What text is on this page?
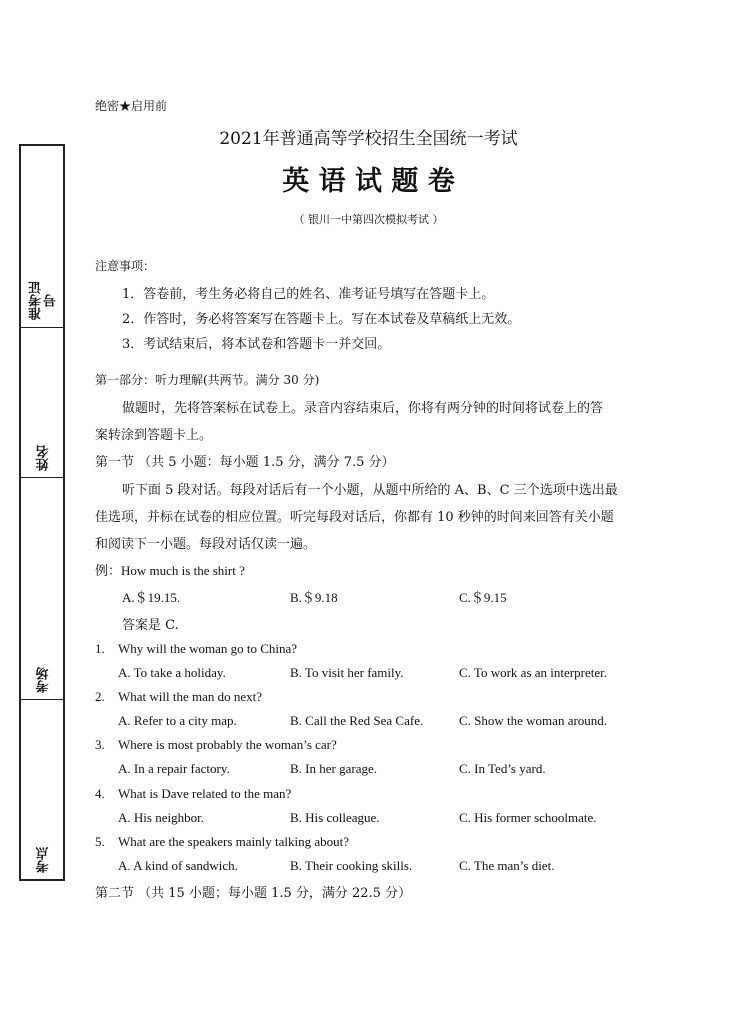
准考证号
姓名
考场
考点
绝密★启用前
2021年普通高等学校招生全国统一考试
英 语 试 题 卷
（ 银川一中第四次模拟考试 ）
注意事项：
1．答卷前，考生务必将自己的姓名、准考证号填写在答题卡上。
2．作答时，务必将答案写在答题卡上。写在本试卷及草稿纸上无效。
3．考试结束后，将本试卷和答题卡一并交回。
第一部分：听力理解(共两节。满分 30 分)
做题时，先将答案标在试卷上。录音内容结束后，你将有两分钟的时间将试卷上的答
案转涂到答题卡上。
第一节 （共 5 小题：每小题 1.5 分，满分 7.5 分）
听下面 5 段对话。每段对话后有一个小题，从题中所给的 A、B、C 三个选项中选出最
佳选项，并标在试卷的相应位置。听完每段对话后，你都有 10 秒钟的时间来回答有关小题
和阅读下一小题。每段对话仅读一遍。
例：How much is the shirt ?
A.＄19.15.	B.＄9.18	C.＄9.15
答案是 C.
1. Why will the woman go to China?
A. To take a holiday.	B. To visit her family.	C. To work as an interpreter.
2. What will the man do next?
A. Refer to a city map.	B. Call the Red Sea Cafe.	C. Show the woman around.
3. Where is most probably the woman’s car?
A. In a repair factory.	B. In her garage.	C. In Ted’s yard.
4. What is Dave related to the man?
A. His neighbor.	B. His colleague.	C. His former schoolmate.
5. What are the speakers mainly talking about?
A. A kind of sandwich.	B. Their cooking skills.	C. The man’s diet.
第二节 （共 15 小题；每小题 1.5 分，满分 22.5 分）
